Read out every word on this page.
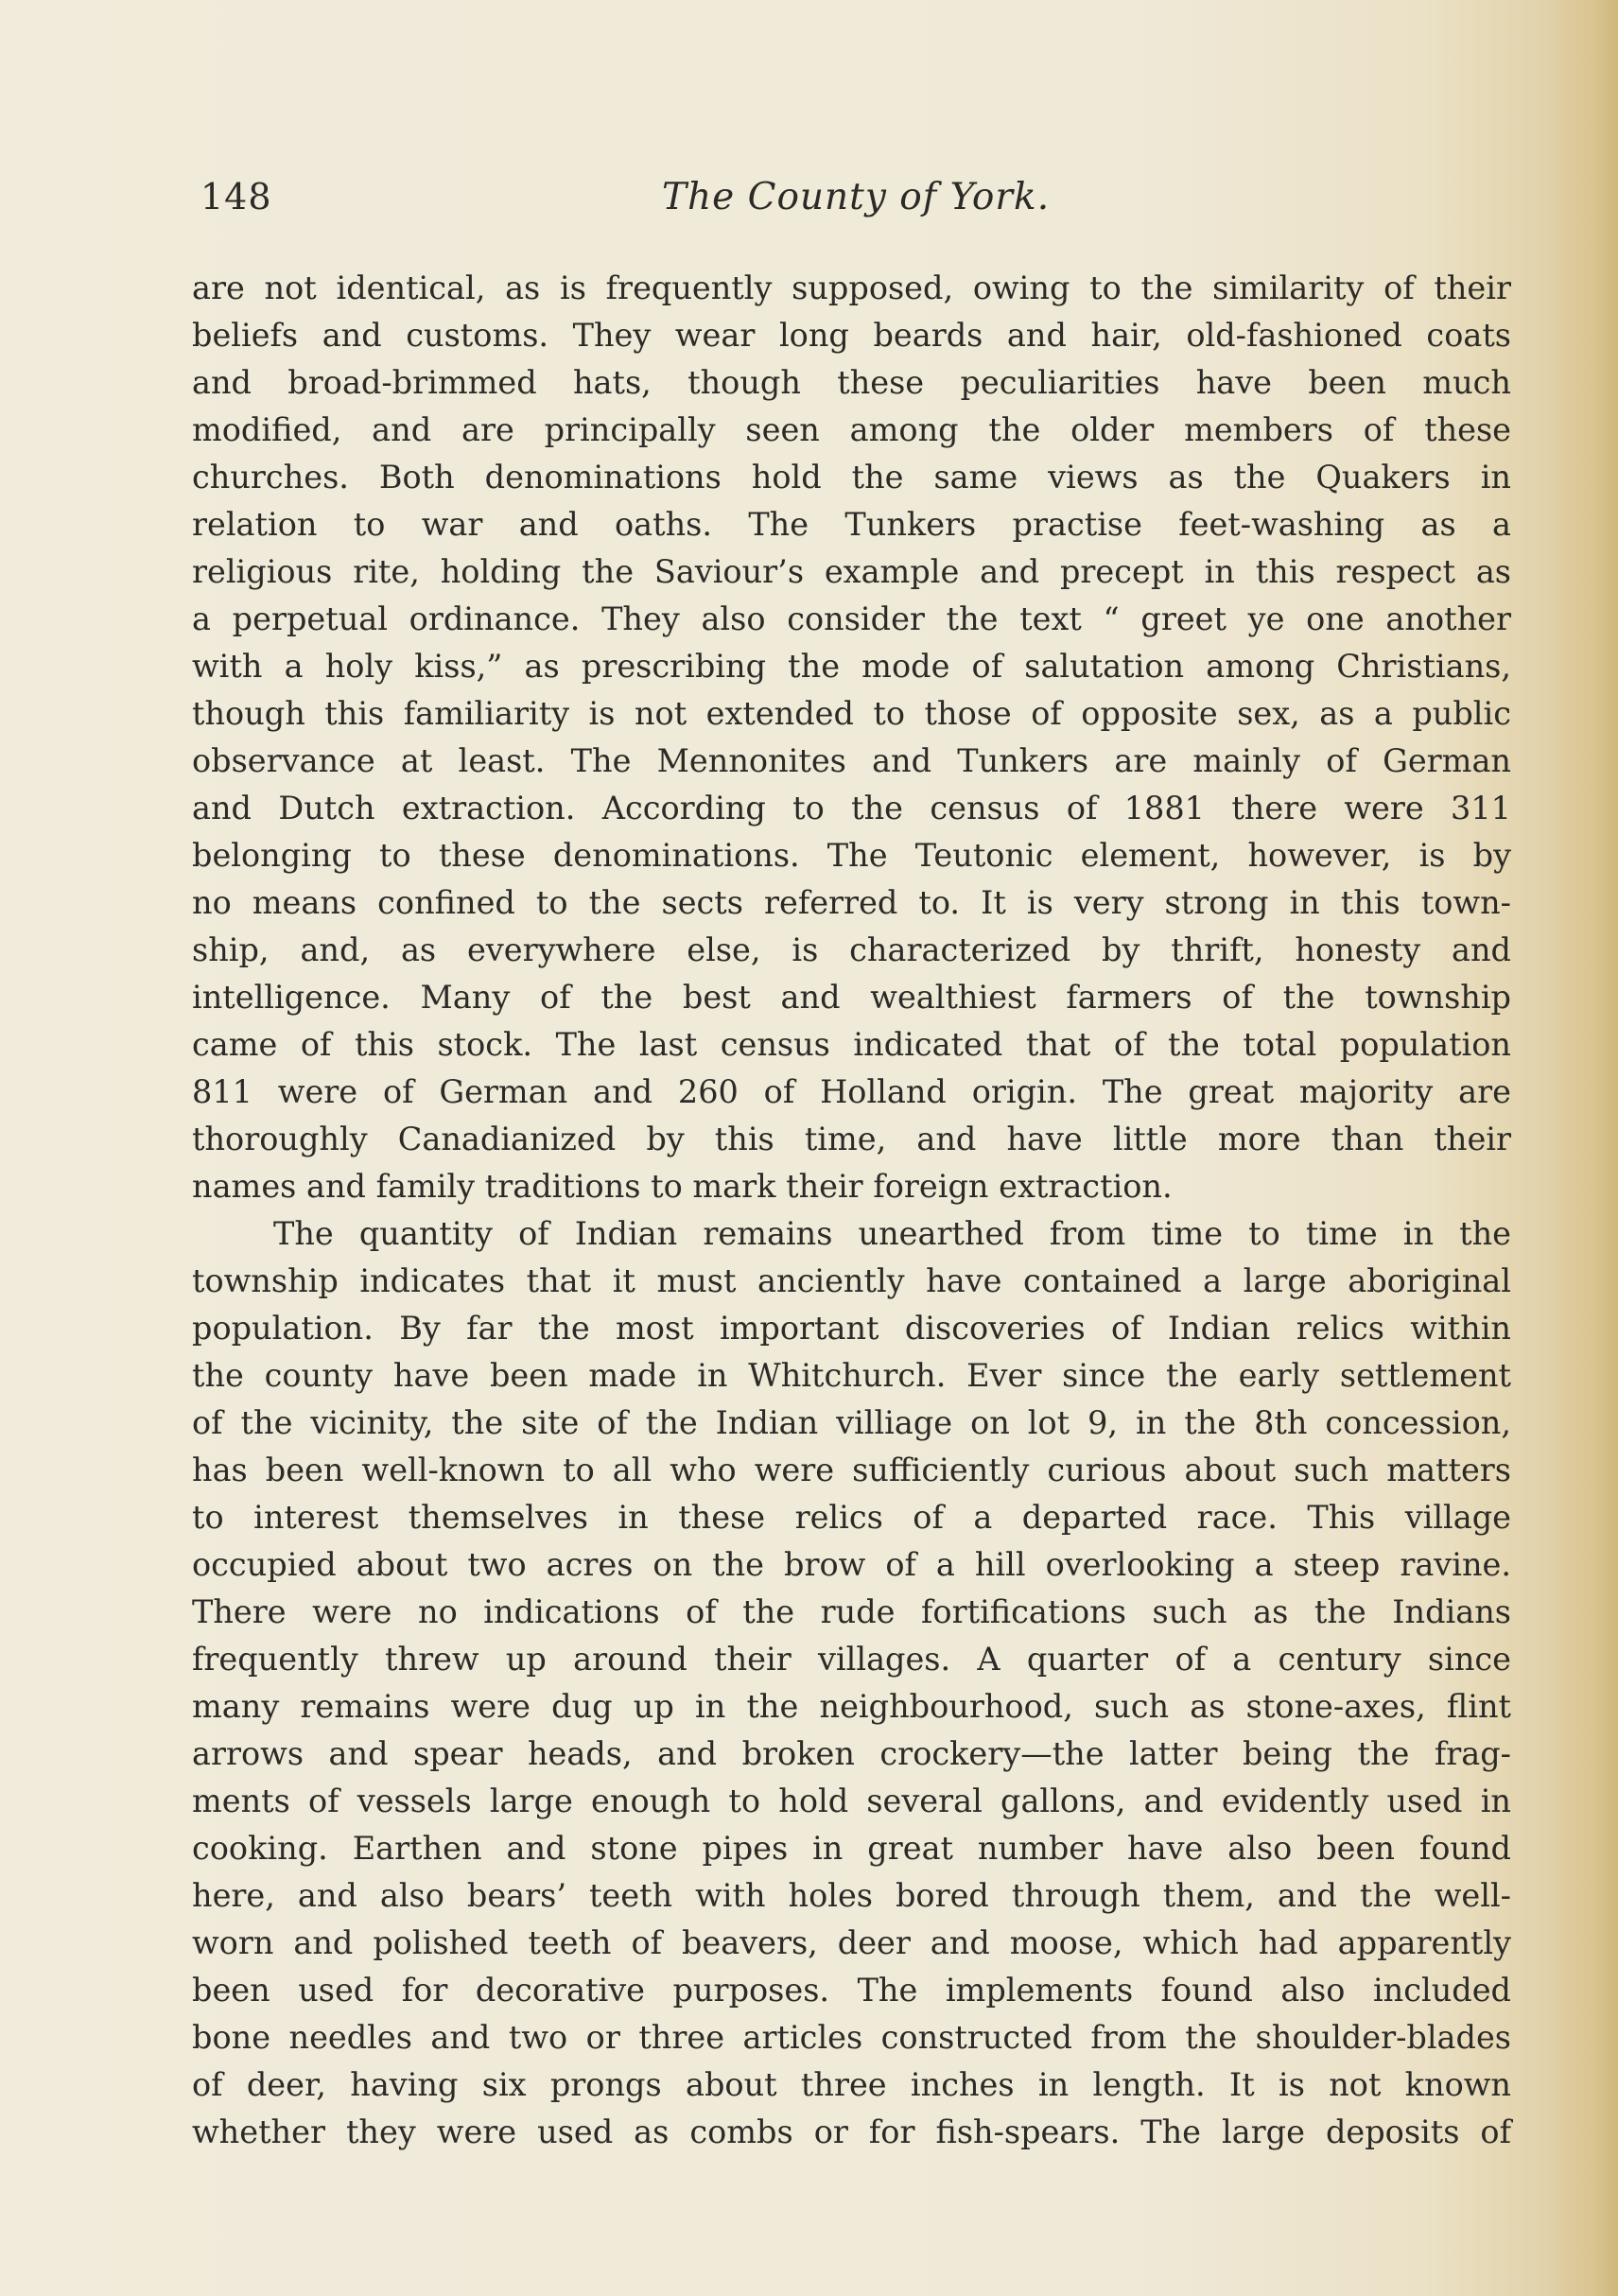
148	The County of York.
are not identical, as is frequently supposed, owing to the similarity of their
beliefs and customs. They wear long beards and hair, old-fashioned coats
and broad-brimmed hats, though these peculiarities have been much
modified, and are principally seen among the older members of these
churches. Both denominations hold the same views as the Quakers in
relation to war and oaths. The Tunkers practise feet-washing as a
religious rite, holding the Saviour’s example and precept in this respect as
a perpetual ordinance. They also consider the text “ greet ye one another
with a holy kiss,” as prescribing the mode of salutation among Christians,
though this familiarity is not extended to those of opposite sex, as a public
observance at least. The Mennonites and Tunkers are mainly of German
and Dutch extraction. According to the census of 1881 there were 311
belonging to these denominations. The Teutonic element, however, is by
no means confined to the sects referred to. It is very strong in this town-
ship, and, as everywhere else, is characterized by thrift, honesty and
intelligence. Many of the best and wealthiest farmers of the township
came of this stock. The last census indicated that of the total population
811 were of German and 260 of Holland origin. The great majority are
thoroughly Canadianized by this time, and have little more than their
names and family traditions to mark their foreign extraction.
The quantity of Indian remains unearthed from time to time in the
township indicates that it must anciently have contained a large aboriginal
population. By far the most important discoveries of Indian relics within
the county have been made in Whitchurch. Ever since the early settlement
of the vicinity, the site of the Indian villiage on lot 9, in the 8th concession,
has been well-known to all who were sufficiently curious about such matters
to interest themselves in these relics of a departed race. This village
occupied about two acres on the brow of a hill overlooking a steep ravine.
There were no indications of the rude fortifications such as the Indians
frequently threw up around their villages. A quarter of a century since
many remains were dug up in the neighbourhood, such as stone-axes, flint
arrows and spear heads, and broken crockery—the latter being the frag-
ments of vessels large enough to hold several gallons, and evidently used in
cooking. Earthen and stone pipes in great number have also been found
here, and also bears’ teeth with holes bored through them, and the well-
worn and polished teeth of beavers, deer and moose, which had apparently
been used for decorative purposes. The implements found also included
bone needles and two or three articles constructed from the shoulder-blades
of deer, having six prongs about three inches in length. It is not known
whether they were used as combs or for fish-spears. The large deposits of
